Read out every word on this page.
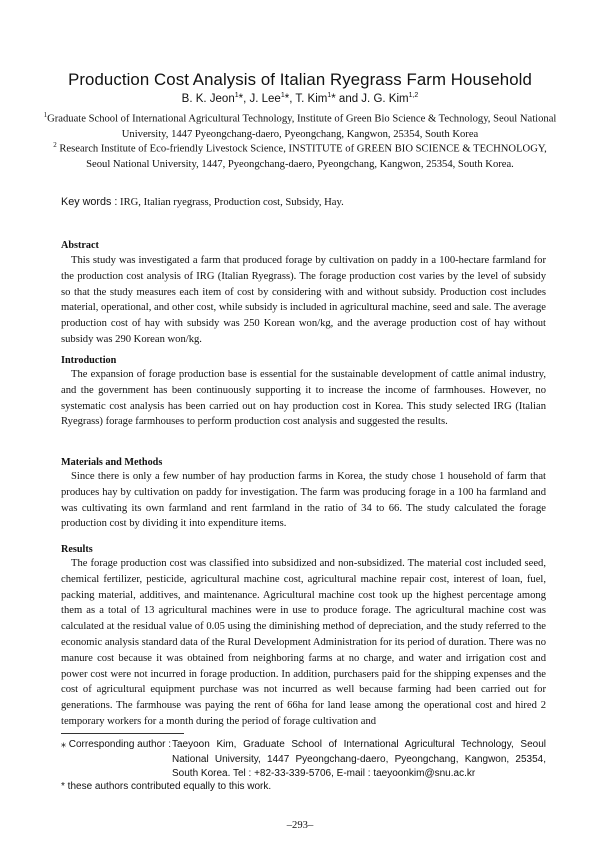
Production Cost Analysis of Italian Ryegrass Farm Household
B. K. Jeon$^1$*, J. Lee$^1$*, T. Kim$^1$* and J. G. Kim$^{1,2}$
$^1$Graduate School of International Agricultural Technology, Institute of Green Bio Science & Technology, Seoul National University, 1447 Pyeongchang-daero, Pyeongchang, Kangwon, 25354, South Korea
$^2$ Research Institute of Eco-friendly Livestock Science, INSTITUTE of GREEN BIO SCIENCE & TECHNOLOGY, Seoul National University, 1447, Pyeongchang-daero, Pyeongchang, Kangwon, 25354, South Korea.
Key words : IRG, Italian ryegrass, Production cost, Subsidy, Hay.
Abstract
This study was investigated a farm that produced forage by cultivation on paddy in a 100-hectare farmland for the production cost analysis of IRG (Italian Ryegrass). The forage production cost varies by the level of subsidy so that the study measures each item of cost by considering with and without subsidy. Production cost includes material, operational, and other cost, while subsidy is included in agricultural machine, seed and sale. The average production cost of hay with subsidy was 250 Korean won/kg, and the average production cost of hay without subsidy was 290 Korean won/kg.
Introduction
The expansion of forage production base is essential for the sustainable development of cattle animal industry, and the government has been continuously supporting it to increase the income of farmhouses. However, no systematic cost analysis has been carried out on hay production cost in Korea. This study selected IRG (Italian Ryegrass) forage farmhouses to perform production cost analysis and suggested the results.
Materials and Methods
Since there is only a few number of hay production farms in Korea, the study chose 1 household of farm that produces hay by cultivation on paddy for investigation. The farm was producing forage in a 100 ha farmland and was cultivating its own farmland and rent farmland in the ratio of 34 to 66. The study calculated the forage production cost by dividing it into expenditure items.
Results
The forage production cost was classified into subsidized and non-subsidized. The material cost included seed, chemical fertilizer, pesticide, agricultural machine cost, agricultural machine repair cost, interest of loan, fuel, packing material, additives, and maintenance. Agricultural machine cost took up the highest percentage among them as a total of 13 agricultural machines were in use to produce forage. The agricultural machine cost was calculated at the residual value of 0.05 using the diminishing method of depreciation, and the study referred to the economic analysis standard data of the Rural Development Administration for its period of duration. There was no manure cost because it was obtained from neighboring farms at no charge, and water and irrigation cost and power cost were not incurred in forage production. In addition, purchasers paid for the shipping expenses and the cost of agricultural equipment purchase was not incurred as well because farming had been carried out for generations. The farmhouse was paying the rent of 66ha for land lease among the operational cost and hired 2 temporary workers for a month during the period of forage cultivation and
⁎ Corresponding author : Taeyoon Kim, Graduate School of International Agricultural Technology, Seoul National University, 1447 Pyeongchang-daero, Pyeongchang, Kangwon, 25354, South Korea. Tel : +82-33-339-5706, E-mail : taeyoonkim@snu.ac.kr
* these authors contributed equally to this work.
–293–
